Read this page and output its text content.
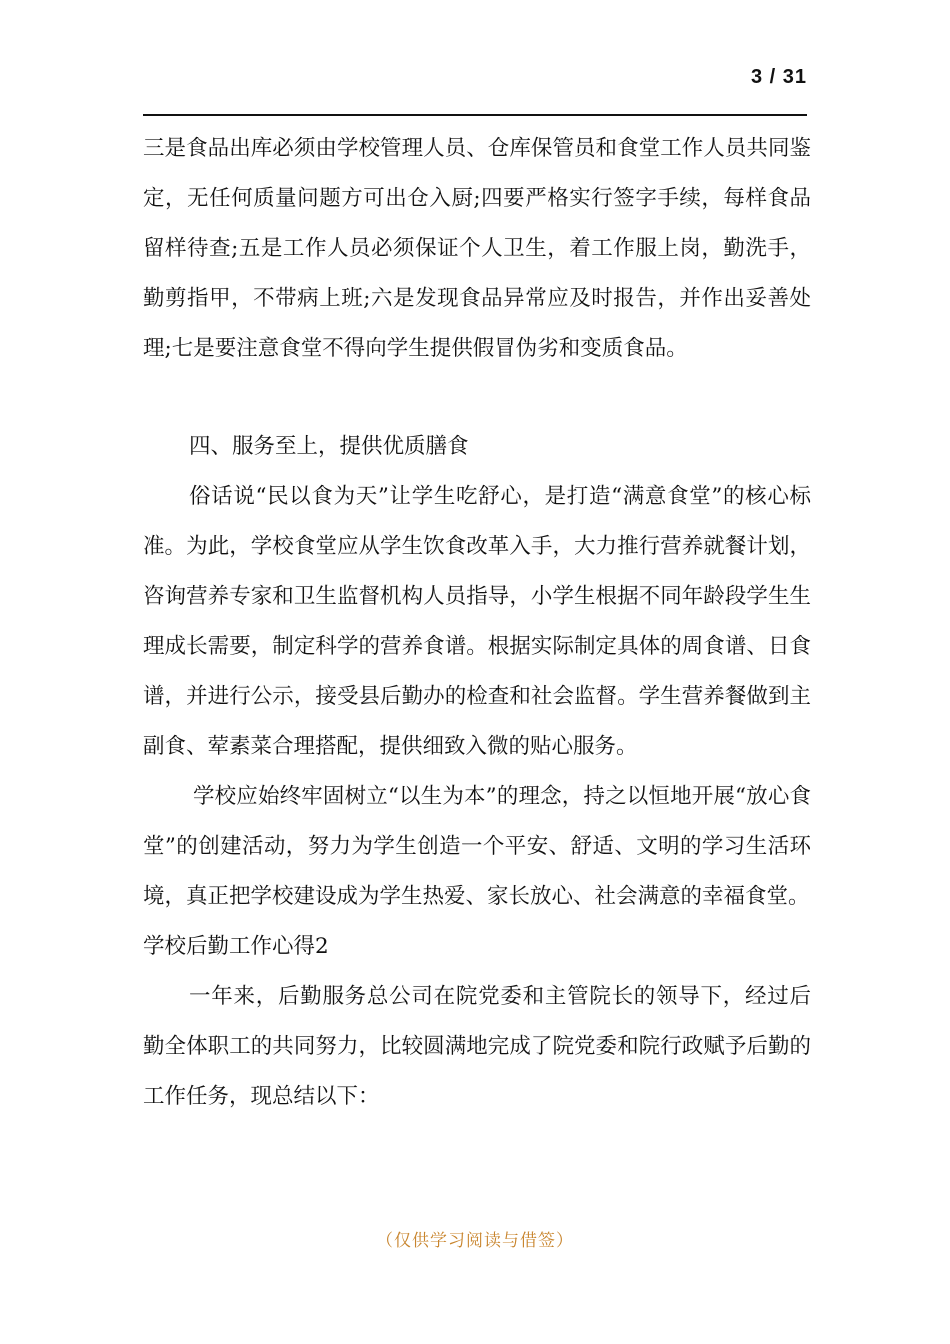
3 / 31

三是食品出库必须由学校管理人员、仓库保管员和食堂工作人员共同鉴定，无任何质量问题方可出仓入厨;四要严格实行签字手续，每样食品留样待查;五是工作人员必须保证个人卫生，着工作服上岗，勤洗手，勤剪指甲，不带病上班;六是发现食品异常应及时报告，并作出妥善处理;七是要注意食堂不得向学生提供假冒伪劣和变质食品。

四、服务至上，提供优质膳食

俗话说“民以食为天”让学生吃舒心，是打造“满意食堂”的核心标准。为此，学校食堂应从学生饮食改革入手，大力推行营养就餐计划，咨询营养专家和卫生监督机构人员指导，小学生根据不同年龄段学生生理成长需要，制定科学的营养食谱。根据实际制定具体的周食谱、日食谱，并进行公示，接受县后勤办的检查和社会监督。学生营养餐做到主副食、荤素菜合理搭配，提供细致入微的贴心服务。

学校应始终牢固树立“以生为本”的理念，持之以恒地开展“放心食堂”的创建活动，努力为学生创造一个平安、舒适、文明的学习生活环境，真正把学校建设成为学生热爱、家长放心、社会满意的幸福食堂。

学校后勤工作心得2

一年来，后勤服务总公司在院党委和主管院长的领导下，经过后勤全体职工的共同努力，比较圆满地完成了院党委和院行政赋予后勤的工作任务，现总结以下：

（仅供学习阅读与借签）
